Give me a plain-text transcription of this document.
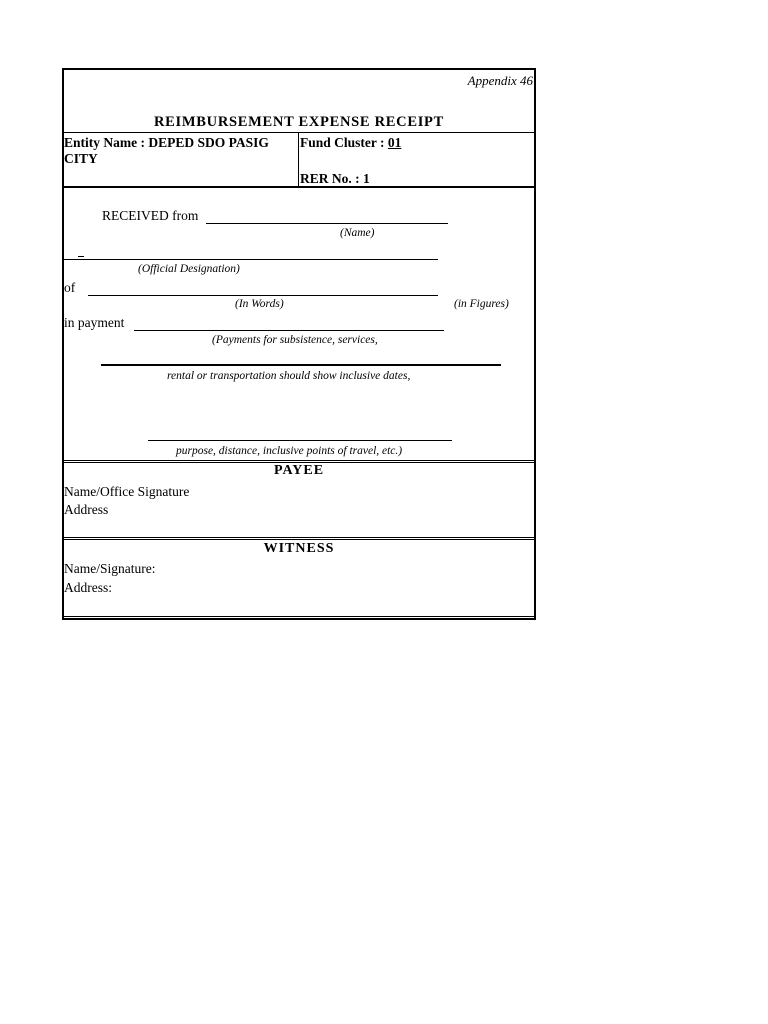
Appendix 46
REIMBURSEMENT EXPENSE RECEIPT
Entity Name : DEPED SDO PASIG
CITY
Fund Cluster : 01
RER No. : 1
RECEIVED from
(Name)
(Official Designation)
of
(In Words)	(in Figures)
in payment
(Payments for subsistence, services,
rental or transportation should show inclusive dates,
purpose, distance, inclusive points of travel, etc.)
PAYEE
Name/Office Signature
Address
WITNESS
Name/Signature:
Address:
